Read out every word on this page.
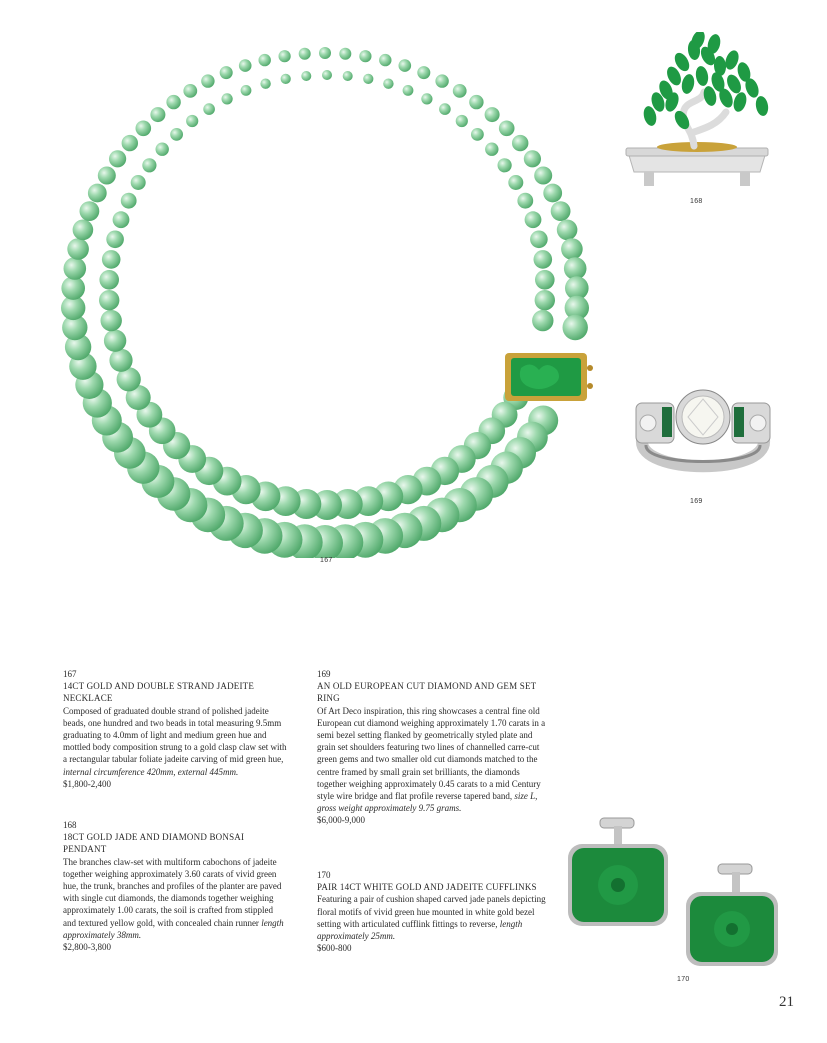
167
168
169
170
167
14CT GOLD AND DOUBLE STRAND JADEITE NECKLACE
Composed of graduated double strand of polished jadeite beads, one hundred and two beads in total measuring 9.5mm graduating to 4.0mm of light and medium green hue and mottled body composition strung to a gold clasp claw set with a rectangular tabular foliate jadeite carving of mid green hue, internal circumference 420mm, external 445mm.
$1,800-2,400
168
18CT GOLD JADE AND DIAMOND BONSAI PENDANT
The branches claw-set with multiform cabochons of jadeite together weighing approximately 3.60 carats of vivid green hue, the trunk, branches and profiles of the planter are paved with single cut diamonds, the diamonds together weighing approximately 1.00 carats, the soil is crafted from stippled and textured yellow gold, with concealed chain runner length approximately 38mm.
$2,800-3,800
169
AN OLD EUROPEAN CUT DIAMOND AND GEM SET RING
Of Art Deco inspiration, this ring showcases a central fine old European cut diamond weighing approximately 1.70 carats in a semi bezel setting flanked by geometrically styled plate and grain set shoulders featuring two lines of channelled carre-cut green gems and two smaller old cut diamonds matched to the centre framed by small grain set brilliants, the diamonds together weighing approximately 0.45 carats to a mid Century style wire bridge and flat profile reverse tapered band, size L, gross weight approximately 9.75 grams.
$6,000-9,000
170
PAIR 14CT WHITE GOLD AND JADEITE CUFFLINKS
Featuring a pair of cushion shaped carved jade panels depicting floral motifs of vivid green hue mounted in white gold bezel setting with articulated cufflink fittings to reverse, length approximately 25mm.
$600-800
21
